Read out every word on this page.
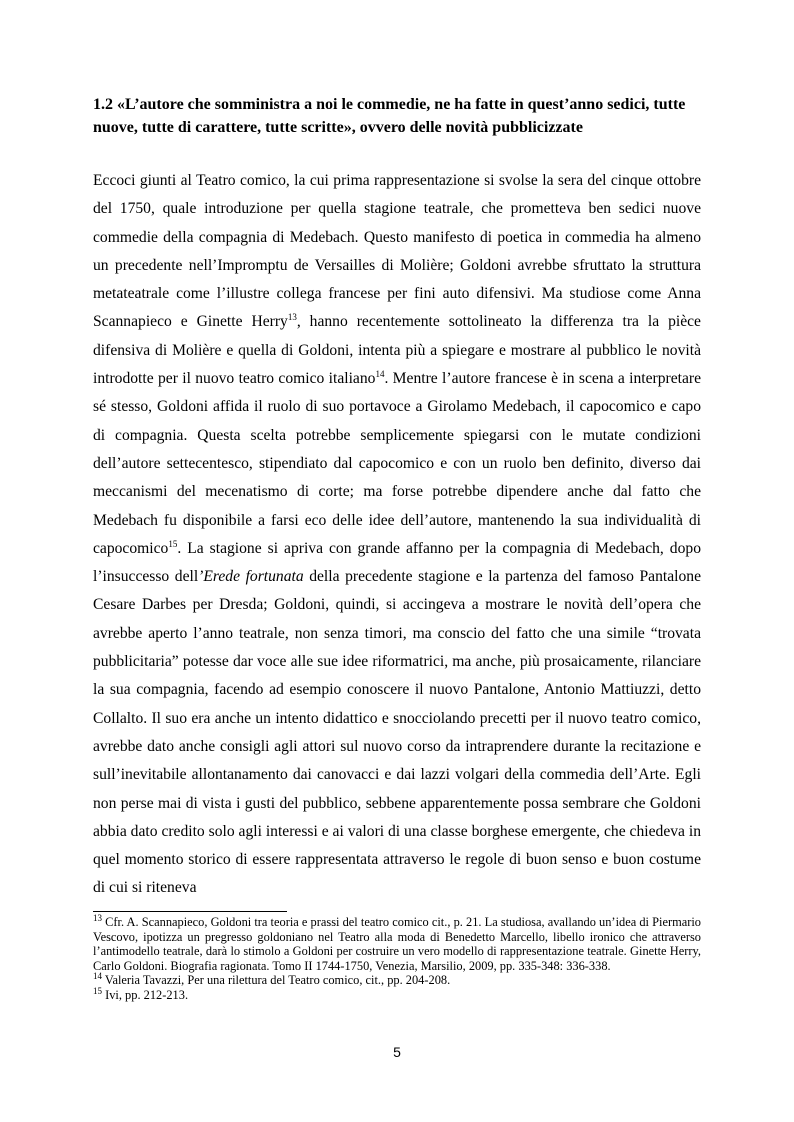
1.2 «L’autore che somministra a noi le commedie, ne ha fatte in quest’anno sedici, tutte nuove, tutte di carattere, tutte scritte», ovvero delle novità pubblicizzate

Eccoci giunti al Teatro comico, la cui prima rappresentazione si svolse la sera del cinque ottobre del 1750, quale introduzione per quella stagione teatrale, che prometteva ben sedici nuove commedie della compagnia di Medebach. Questo manifesto di poetica in commedia ha almeno un precedente nell’Impromptu de Versailles di Molière; Goldoni avrebbe sfruttato la struttura metateatrale come l’illustre collega francese per fini auto difensivi. Ma studiose come Anna Scannapieco e Ginette Herry$^{13}$, hanno recentemente sottolineato la differenza tra la pièce difensiva di Molière e quella di Goldoni, intenta più a spiegare e mostrare al pubblico le novità introdotte per il nuovo teatro comico italiano$^{14}$. Mentre l’autore francese è in scena a interpretare sé stesso, Goldoni affida il ruolo di suo portavoce a Girolamo Medebach, il capocomico e capo di compagnia. Questa scelta potrebbe semplicemente spiegarsi con le mutate condizioni dell’autore settecentesco, stipendiato dal capocomico e con un ruolo ben definito, diverso dai meccanismi del mecenatismo di corte; ma forse potrebbe dipendere anche dal fatto che Medebach fu disponibile a farsi eco delle idee dell’autore, mantenendo la sua individualità di capocomico$^{15}$. La stagione si apriva con grande affanno per la compagnia di Medebach, dopo l’insuccesso dell’Erede fortunata della precedente stagione e la partenza del famoso Pantalone Cesare Darbes per Dresda; Goldoni, quindi, si accingeva a mostrare le novità dell’opera che avrebbe aperto l’anno teatrale, non senza timori, ma conscio del fatto che una simile “trovata pubblicitaria” potesse dar voce alle sue idee riformatrici, ma anche, più prosaicamente, rilanciare la sua compagnia, facendo ad esempio conoscere il nuovo Pantalone, Antonio Mattiuzzi, detto Collalto. Il suo era anche un intento didattico e snocciolando precetti per il nuovo teatro comico, avrebbe dato anche consigli agli attori sul nuovo corso da intraprendere durante la recitazione e sull’inevitabile allontanamento dai canovacci e dai lazzi volgari della commedia dell’Arte. Egli non perse mai di vista i gusti del pubblico, sebbene apparentemente possa sembrare che Goldoni abbia dato credito solo agli interessi e ai valori di una classe borghese emergente, che chiedeva in quel momento storico di essere rappresentata attraverso le regole di buon senso e buon costume di cui si riteneva

$^{13}$ Cfr. A. Scannapieco, Goldoni tra teoria e prassi del teatro comico cit., p. 21. La studiosa, avallando un’idea di Piermario Vescovo, ipotizza un pregresso goldoniano nel Teatro alla moda di Benedetto Marcello, libello ironico che attraverso l’antimodello teatrale, darà lo stimolo a Goldoni per costruire un vero modello di rappresentazione teatrale. Ginette Herry, Carlo Goldoni. Biografia ragionata. Tomo II 1744-1750, Venezia, Marsilio, 2009, pp. 335-348: 336-338.

$^{14}$ Valeria Tavazzi, Per una rilettura del Teatro comico, cit., pp. 204-208.

$^{15}$ Ivi, pp. 212-213.

5
